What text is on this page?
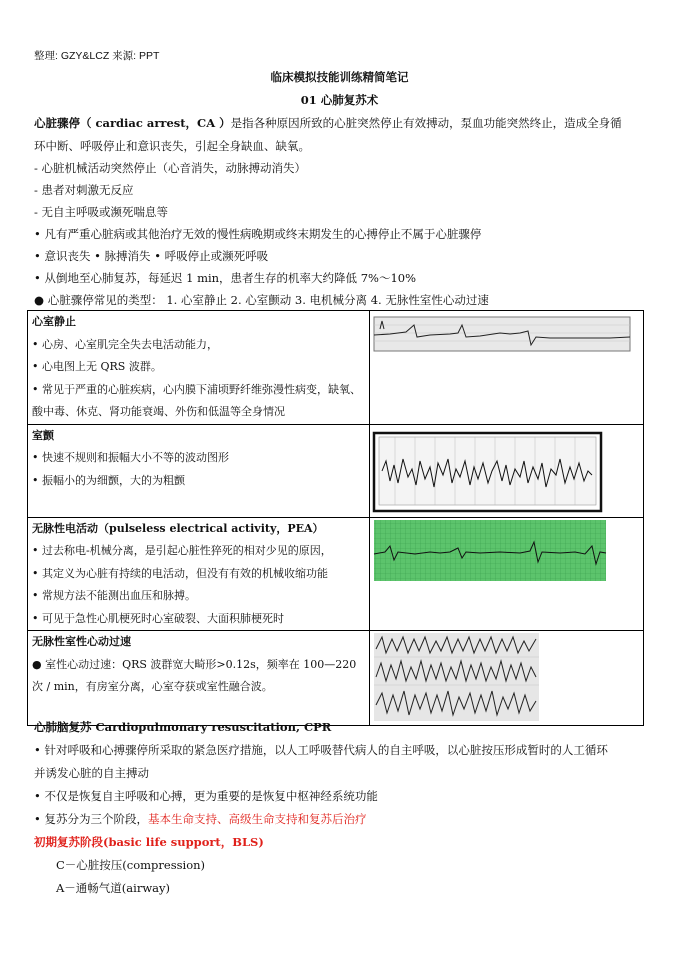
整理: GZY&LCZ 来源: PPT
临床模拟技能训练精简笔记
01 心肺复苏术
心脏骤停（ cardiac arrest，CA ）是指各种原因所致的心脏突然停止有效搏动，泵血功能突然终止，造成全身循
环中断、呼吸停止和意识丧失，引起全身缺血、缺氧。
- 心脏机械活动突然停止（心音消失，动脉搏动消失）
- 患者对刺激无反应
- 无自主呼吸或濒死喘息等
• 凡有严重心脏病或其他治疗无效的慢性病晚期或终末期发生的心搏停止不属于心脏骤停
• 意识丧失 • 脉搏消失 • 呼吸停止或濒死呼吸
• 从倒地至心肺复苏，每延迟 1 min，患者生存的机率大约降低 7%～10%
● 心脏骤停常见的类型： 1. 心室静止 2. 心室颤动 3. 电机械分离 4. 无脉性室性心动过速
心室静止
• 心房、心室肌完全失去电活动能力，
• 心电图上无 QRS 波群。
• 常见于严重的心脏疾病，心内膜下浦顷野纤维弥漫性病变，缺氧、酸中毒、休克、肾功能衰竭、外伤和低温等全身情况

室颤
• 快速不规则和振幅大小不等的波动图形
• 振幅小的为细颤，大的为粗颤

无脉性电活动（pulseless electrical activity，PEA）
• 过去称电-机械分离，是引起心脏性猝死的相对少见的原因，
• 其定义为心脏有持续的电活动，但没有有效的机械收缩功能
• 常规方法不能测出血压和脉搏。
• 可见于急性心肌梗死时心室破裂、大面积肺梗死时

无脉性室性心动过速
● 室性心动过速：QRS 波群宽大畸形>0.12s，频率在 100—220
次 / min，有房室分离，心室夺获或室性融合波。

心肺脑复苏 Cardiopulmonary resuscitation, CPR
• 针对呼吸和心搏骤停所采取的紧急医疗措施，以人工呼吸替代病人的自主呼吸，以心脏按压形成暂时的人工循环
并诱发心脏的自主搏动
• 不仅是恢复自主呼吸和心搏，更为重要的是恢复中枢神经系统功能
• 复苏分为三个阶段，基本生命支持、高级生命支持和复苏后治疗
初期复苏阶段(basic life support，BLS)
C－心脏按压(compression)
A－通畅气道(airway)
